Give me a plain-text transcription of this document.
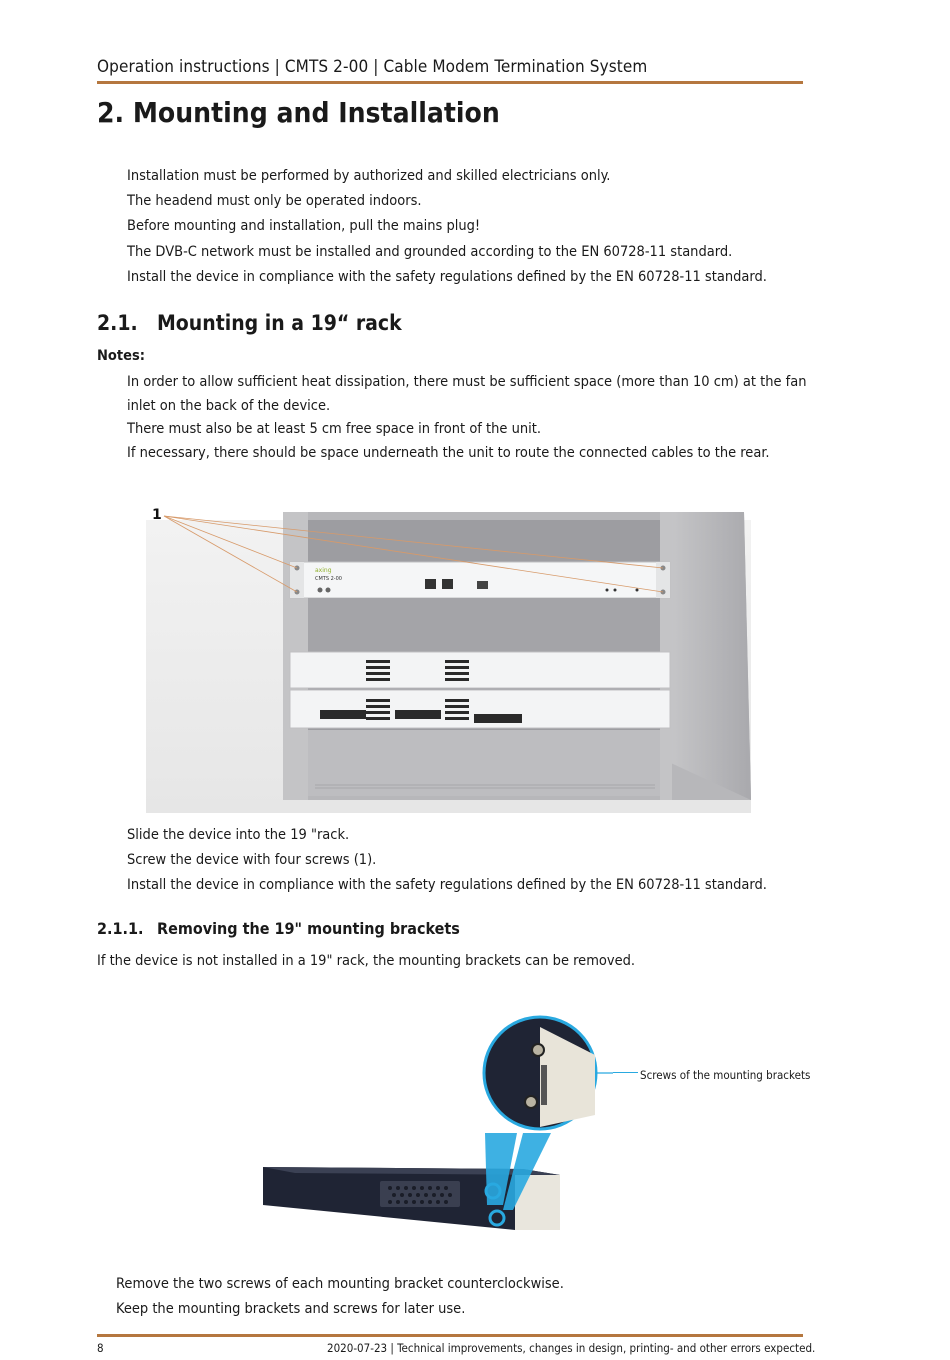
Operation instructions | CMTS 2-00 | Cable Modem Termination System
2. Mounting and Installation
Installation must be performed by authorized and skilled electricians only.
The headend must only be operated indoors.
Before mounting and installation, pull the mains plug!
The DVB-C network must be installed and grounded according to the EN 60728-11 standard.
Install the device in compliance with the safety regulations defined by the EN 60728-11 standard.
2.1. Mounting in a 19“ rack
Notes:
In order to allow sufficient heat dissipation, there must be sufficient space (more than 10 cm) at the fan
inlet on the back of the device.
There must also be at least 5 cm free space in front of the unit.
If necessary, there should be space underneath the unit to route the connected cables to the rear.
axing
CMTS 2-00
1
Slide the device into the 19 "rack.
Screw the device with four screws (1).
Install the device in compliance with the safety regulations defined by the EN 60728-11 standard.
2.1.1. Removing the 19" mounting brackets
If the device is not installed in a 19" rack, the mounting brackets can be removed.
Screws of the mounting brackets
Remove the two screws of each mounting bracket counterclockwise.
Keep the mounting brackets and screws for later use.
8	2020-07-23 | Technical improvements, changes in design, printing- and other errors expected.
